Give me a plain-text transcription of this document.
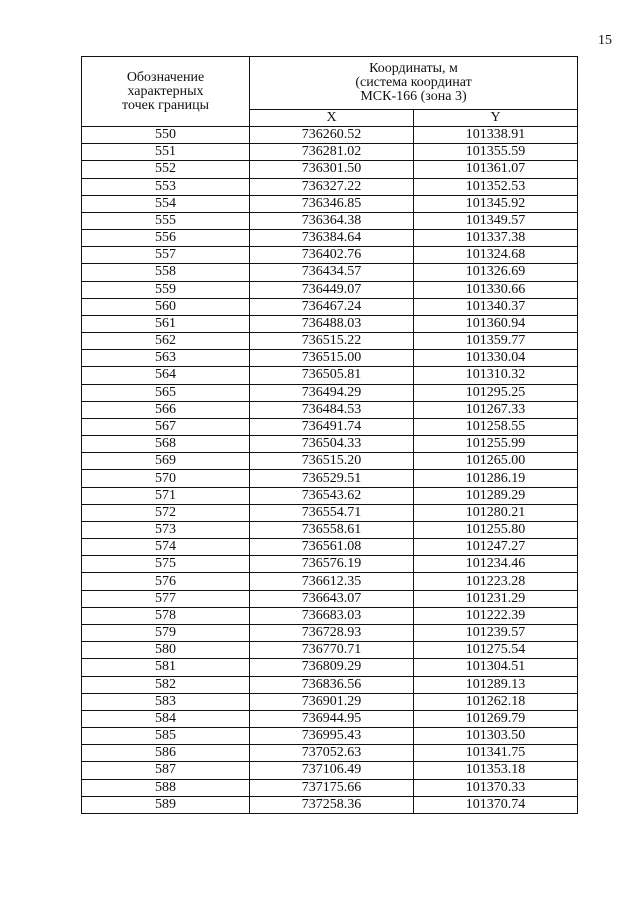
15
Обозначение
характерных
точек границы	Координаты, м
(система координат
МСК-166 (зона 3)	

	X	Y
550	736260.52	101338.91
551	736281.02	101355.59
552	736301.50	101361.07
553	736327.22	101352.53
554	736346.85	101345.92
555	736364.38	101349.57
556	736384.64	101337.38
557	736402.76	101324.68
558	736434.57	101326.69
559	736449.07	101330.66
560	736467.24	101340.37
561	736488.03	101360.94
562	736515.22	101359.77
563	736515.00	101330.04
564	736505.81	101310.32
565	736494.29	101295.25
566	736484.53	101267.33
567	736491.74	101258.55
568	736504.33	101255.99
569	736515.20	101265.00
570	736529.51	101286.19
571	736543.62	101289.29
572	736554.71	101280.21
573	736558.61	101255.80
574	736561.08	101247.27
575	736576.19	101234.46
576	736612.35	101223.28
577	736643.07	101231.29
578	736683.03	101222.39
579	736728.93	101239.57
580	736770.71	101275.54
581	736809.29	101304.51
582	736836.56	101289.13
583	736901.29	101262.18
584	736944.95	101269.79
585	736995.43	101303.50
586	737052.63	101341.75
587	737106.49	101353.18
588	737175.66	101370.33
589	737258.36	101370.74
